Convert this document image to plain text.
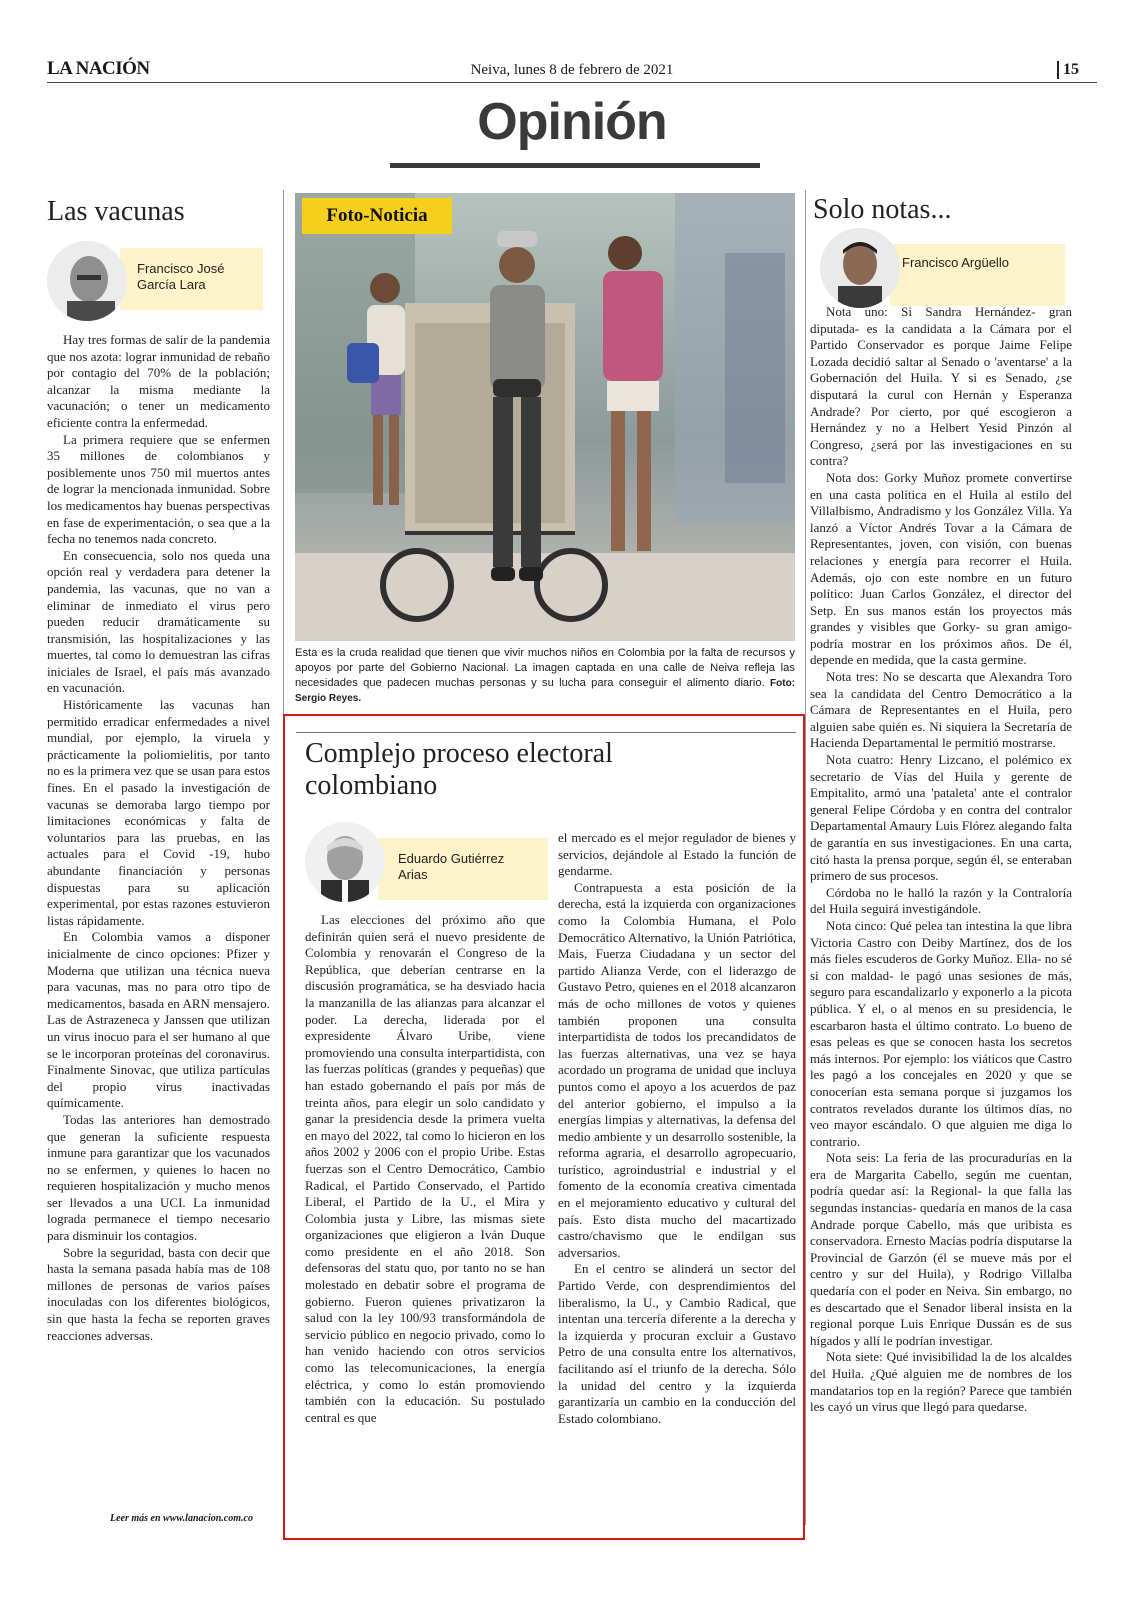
LA NACIÓN	Neiva, lunes 8 de febrero de 2021	15
Opinión
Las vacunas
Francisco José
García Lara

Hay tres formas de salir de la pandemia que nos azota: lograr inmunidad de rebaño por contagio del 70% de la población; alcanzar la misma mediante la vacunación; o tener un medicamento eficiente contra la enfermedad.

La primera requiere que se enfermen 35 millones de colombianos y posiblemente unos 750 mil muertos antes de lograr la mencionada inmunidad. Sobre los medicamentos hay buenas perspectivas en fase de experimentación, o sea que a la fecha no tenemos nada concreto.

En consecuencia, solo nos queda una opción real y verdadera para detener la pandemia, las vacunas, que no van a eliminar de inmediato el virus pero pueden reducir dramáticamente su transmisión, las hospitalizaciones y las muertes, tal como lo demuestran las cifras iniciales de Israel, el país más avanzado en vacunación.

Históricamente las vacunas han permitido erradicar enfermedades a nivel mundial, por ejemplo, la viruela y prácticamente la poliomielitis, por tanto no es la primera vez que se usan para estos fines. En el pasado la investigación de vacunas se demoraba largo tiempo por limitaciones económicas y falta de voluntarios para las pruebas, en las actuales para el Covid -19, hubo abundante financiación y personas dispuestas para su aplicación experimental, por estas razones estuvieron listas rápidamente.

En Colombia vamos a disponer inicialmente de cinco opciones: Pfizer y Moderna que utilizan una técnica nueva para vacunas, mas no para otro tipo de medicamentos, basada en ARN mensajero. Las de Astrazeneca y Janssen que utilizan un virus inocuo para el ser humano al que se le incorporan proteínas del coronavirus. Finalmente Sinovac, que utiliza partículas del propio virus inactivadas químicamente.

Todas las anteriores han demostrado que generan la suficiente respuesta inmune para garantizar que los vacunados no se enfermen, y quienes lo hacen no requieren hospitalización y mucho menos ser llevados a una UCI. La inmunidad lograda permanece el tiempo necesario para disminuir los contagios.

Sobre la seguridad, basta con decir que hasta la semana pasada había mas de 108 millones de personas de varios países inoculadas con los diferentes biológicos, sin que hasta la fecha se reporten graves reacciones adversas.

Leer más en www.lanacion.com.co
Foto-Noticia
Esta es la cruda realidad que tienen que vivir muchos niños en Colombia por la falta de recursos y apoyos por parte del Gobierno Nacional. La imagen captada en una calle de Neiva refleja las necesidades que padecen muchas personas y su lucha para conseguir el alimento diario. Foto: Sergio Reyes.
Complejo proceso electoral
colombiano
Eduardo Gutiérrez
Arias

Las elecciones del próximo año que definirán quien será el nuevo presidente de Colombia y renovarán el Congreso de la República, que deberían centrarse en la discusión programática, se ha desviado hacia la manzanilla de las alianzas para alcanzar el poder. La derecha, liderada por el expresidente Álvaro Uribe, viene promoviendo una consulta interpartidista, con las fuerzas políticas (grandes y pequeñas) que han estado gobernando el país por más de treinta años, para elegir un solo candidato y ganar la presidencia desde la primera vuelta en mayo del 2022, tal como lo hicieron en los años 2002 y 2006 con el propio Uribe. Estas fuerzas son el Centro Democrático, Cambio Radical, el Partido Conservado, el Partido Liberal, el Partido de la U., el Mira y Colombia justa y Libre, las mismas siete organizaciones que eligieron a Iván Duque como presidente en el año 2018. Son defensoras del statu quo, por tanto no se han molestado en debatir sobre el programa de gobierno. Fueron quienes privatizaron la salud con la ley 100/93 transformándola de servicio público en negocio privado, como lo han venido haciendo con otros servicios como las telecomunicaciones, la energía eléctrica, y como lo están promoviendo también con la educación. Su postulado central es que

el mercado es el mejor regulador de bienes y servicios, dejándole al Estado la función de gendarme.

Contrapuesta a esta posición de la derecha, está la izquierda con organizaciones como la Colombia Humana, el Polo Democrático Alternativo, la Unión Patriótica, Mais, Fuerza Ciudadana y un sector del partido Alianza Verde, con el liderazgo de Gustavo Petro, quienes en el 2018 alcanzaron más de ocho millones de votos y quienes también proponen una consulta interpartidista de todos los precandidatos de las fuerzas alternativas, una vez se haya acordado un programa de unidad que incluya puntos como el apoyo a los acuerdos de paz del anterior gobierno, el impulso a la energías limpias y alternativas, la defensa del medio ambiente y un desarrollo sostenible, la reforma agraria, el desarrollo agropecuario, turístico, agroindustrial e industrial y el fomento de la economía creativa cimentada en el mejoramiento educativo y cultural del país. Esto dista mucho del macartizado castro/chavismo que le endilgan sus adversarios.

En el centro se alinderá un sector del Partido Verde, con desprendimientos del liberalismo, la U., y Cambio Radical, que intentan una tercería diferente a la derecha y la izquierda y procuran excluir a Gustavo Petro de una consulta entre los alternativos, facilitando así el triunfo de la derecha. Sólo la unidad del centro y la izquierda garantizaría un cambio en la conducción del Estado colombiano.

Solo notas...
Francisco Argüello

Nota uno: Si Sandra Hernández- gran diputada- es la candidata a la Cámara por el Partido Conservador es porque Jaime Felipe Lozada decidió saltar al Senado o 'aventarse' a la Gobernación del Huila. Y si es Senado, ¿se disputará la curul con Hernán y Esperanza Andrade? Por cierto, por qué escogieron a Hernández y no a Helbert Yesid Pinzón al Congreso, ¿será por las investigaciones en su contra?

Nota dos: Gorky Muñoz promete convertirse en una casta política en el Huila al estilo del Villalbismo, Andradismo y los González Villa. Ya lanzó a Víctor Andrés Tovar a la Cámara de Representantes, joven, con visión, con buenas relaciones y energía para recorrer el Huila. Además, ojo con este nombre en un futuro político: Juan Carlos González, el director del Setp. En sus manos están los proyectos más grandes y visibles que Gorky- su gran amigo- podría mostrar en los próximos años. De él, depende en medida, que la casta germine.

Nota tres: No se descarta que Alexandra Toro sea la candidata del Centro Democrático a la Cámara de Representantes en el Huila, pero alguien sabe quién es. Ni siquiera la Secretaría de Hacienda Departamental le permitió mostrarse.

Nota cuatro: Henry Lizcano, el polémico ex secretario de Vías del Huila y gerente de Empitalito, armó una 'pataleta' ante el contralor general Felipe Córdoba y en contra del contralor Departamental Amaury Luis Flórez alegando falta de garantía en sus investigaciones. En una carta, citó hasta la prensa porque, según él, se enteraban primero de sus procesos.

Córdoba no le halló la razón y la Contraloría del Huila seguirá investigándole.

Nota cinco: Qué pelea tan intestina la que libra Victoria Castro con Deiby Martínez, dos de los más fieles escuderos de Gorky Muñoz. Ella- no sé si con maldad- le pagó unas sesiones de más, seguro para escandalizarlo y exponerlo a la picota pública. Y el, o al menos en su presidencia, le escarbaron hasta el último contrato. Lo bueno de esas peleas es que se conocen hasta los secretos más internos. Por ejemplo: los viáticos que Castro les pagó a los concejales en 2020 y que se conocerían esta semana porque si juzgamos los contratos revelados durante los últimos días, no veo mayor escándalo. O que alguien me diga lo contrario.

Nota seis: La feria de las procuradurías en la era de Margarita Cabello, según me cuentan, podría quedar así: la Regional- la que falla las segundas instancias- quedaría en manos de la casa Andrade porque Cabello, más que uribista es conservadora. Ernesto Macías podría disputarse la Provincial de Garzón (él se mueve más por el centro y sur del Huila), y Rodrigo Villalba quedaría con el poder en Neiva. Sin embargo, no es descartado que el Senador liberal insista en la regional porque Luis Enrique Dussán es de sus hígados y allí le podrían investigar.

Nota siete: Qué invisibilidad la de los alcaldes del Huila. ¿Qué alguien me de nombres de los mandatarios top en la región? Parece que también les cayó un virus que llegó para quedarse.
